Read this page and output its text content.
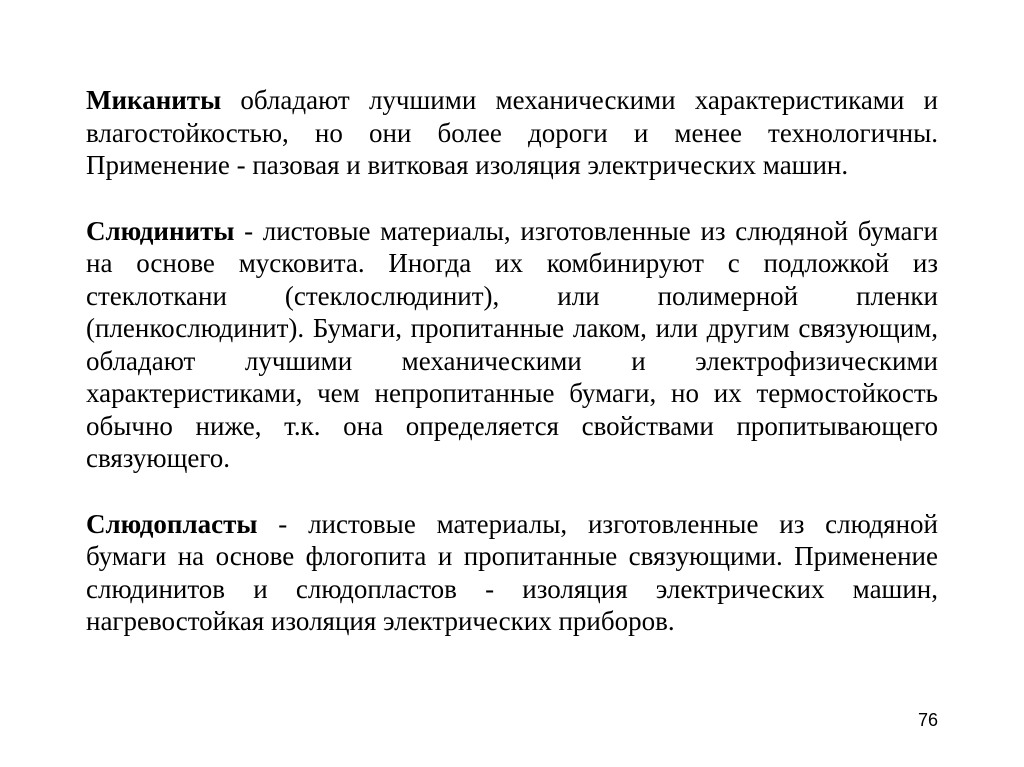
Миканиты обладают лучшими механическими характеристиками и влагостойкостью, но они более дороги и менее технологичны. Применение - пазовая и витковая изоляция электрических машин.

Слюдиниты - листовые материалы, изготовленные из слюдяной бумаги на основе мусковита. Иногда их комбинируют с подложкой из стеклоткани (стеклослюдинит), или полимерной пленки (пленкослюдинит). Бумаги, пропитанные лаком, или другим связующим, обладают лучшими механическими и электрофизическими характеристиками, чем непропитанные бумаги, но их термостойкость обычно ниже, т.к. она определяется свойствами пропитывающего связующего.

Слюдопласты - листовые материалы, изготовленные из слюдяной бумаги на основе флогопита и пропитанные связующими. Применение слюдинитов и слюдопластов - изоляция электрических машин, нагревостойкая изоляция электрических приборов.

76
